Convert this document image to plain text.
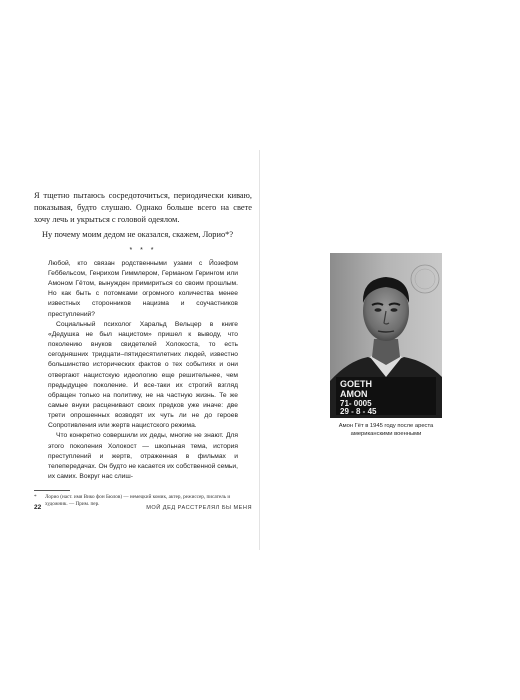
Я тщетно пытаюсь сосредоточиться, периодически киваю, показывая, будто слушаю. Однако больше всего на свете хочу лечь и укрыться с головой одеялом.

Ну почему моим дедом не оказался, скажем, Лорио*?

* * *

Любой, кто связан родственными узами с Йозефом Геббельсом, Генрихом Гиммлером, Германом Герингом или Амоном Гётом, вынужден примириться со своим прошлым. Но как быть с потомками огромного количества менее известных сторонников нацизма и соучастников преступлений?

Социальный психолог Харальд Вельцер в книге «Дедушка не был нацистом» пришел к выводу, что поколению внуков свидетелей Холокоста, то есть сегодняшних тридцати–пятидесятилетних людей, известно большинство исторических фактов о тех событиях и они отвергают нацистскую идеологию еще решительнее, чем предыдущее поколение. И все-таки их строгий взгляд обращен только на политику, не на частную жизнь. Те же самые внуки расценивают своих предков уже иначе: две трети опрошенных возводят их чуть ли не до героев Сопротивления или жертв нацистского режима.

Что конкретно совершили их деды, многие не знают. Для этого поколения Холокост — школьная тема, история преступлений и жертв, отраженная в фильмах и телепередачах. Он будто не касается их собственной семьи, их самих. Вокруг нас слиш-

*	Лорио (наст. имя Вико фон Бюлов) — немецкий комик, актер, режиссер, писатель и художник. — Прим. пер.
22	МОЙ ДЕД РАССТРЕЛЯЛ БЫ МЕНЯ
GOETH
AMON
71- 0005
29 - 8 - 45
Амон Гёт в 1945 году после ареста американскими военными
